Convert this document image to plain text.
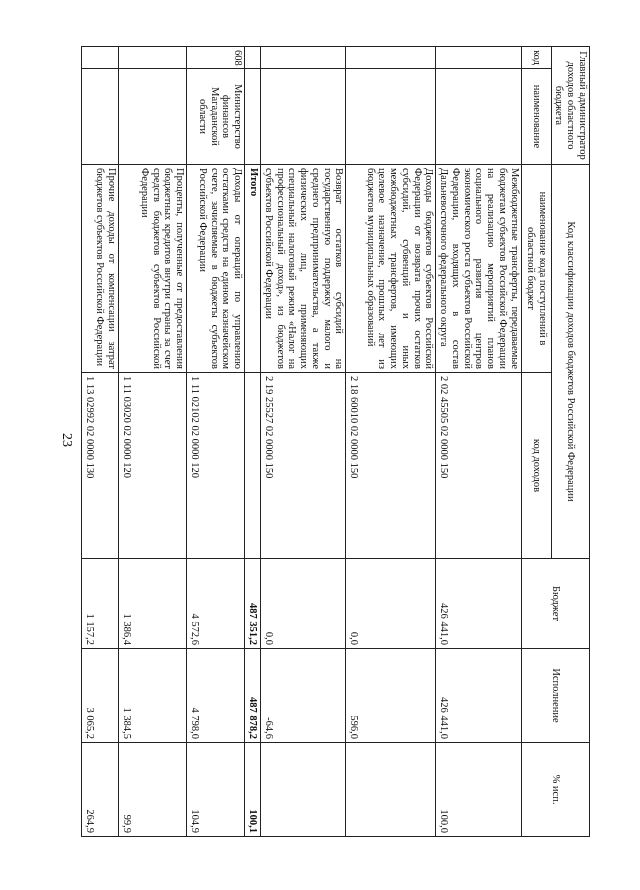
23
Главный администратор доходов областного бюджета		Код классификации доходов бюджетов Российской Федерации		Бюджет	Исполнение	% исп.
код	наименование	наименование кода поступлений в областной бюджет	код доходов			
		Межбюджетные трансферты, передаваемые бюджетам субъектов Российской Федерации на реализацию мероприятий планов социального развития центров экономического роста субъектов Российской Федерации, входящих в состав Дальневосточного федерального округа	2 02 45505 02 0000 150	426 441,0	426 441,0	100,0
		Доходы бюджетов субъектов Российской Федерации от возврата прочих остатков субсидий, субвенций и иных межбюджетных трансфертов, имеющих целевое назначение, прошлых лет из бюджетов муниципальных образований	2 18 60010 02 0000 150	0,0	596,0	
		Возврат остатков субсидий на государственную поддержку малого и среднего предпринимательства, а также физических лиц, применяющих специальный налоговый режим «Налог на профессиональный доход», из бюджетов субъектов Российской Федерации	2 19 25527 02 0000 150	0,0	-64,6	
		Итого		487 351,2	487 878,2	100,1
608	Министерство финансов Магаданской области	Доходы от операций по управлению остатками средств на едином казначейском счете, зачисляемые в бюджеты субъектов Российской Федерации	1 11 02102 02 0000 120	4 572,6	4 798,0	104,9
		Проценты, полученные от предоставления бюджетных кредитов внутри страны за счет средств бюджетов субъектов Российской Федерации	1 11 03020 02 0000 120	1 386,4	1 384,5	99,9
		Прочие доходы от компенсации затрат бюджетов субъектов Российской Федерации	1 13 02992 02 0000 130	1 157,2	3 065,2	264,9
